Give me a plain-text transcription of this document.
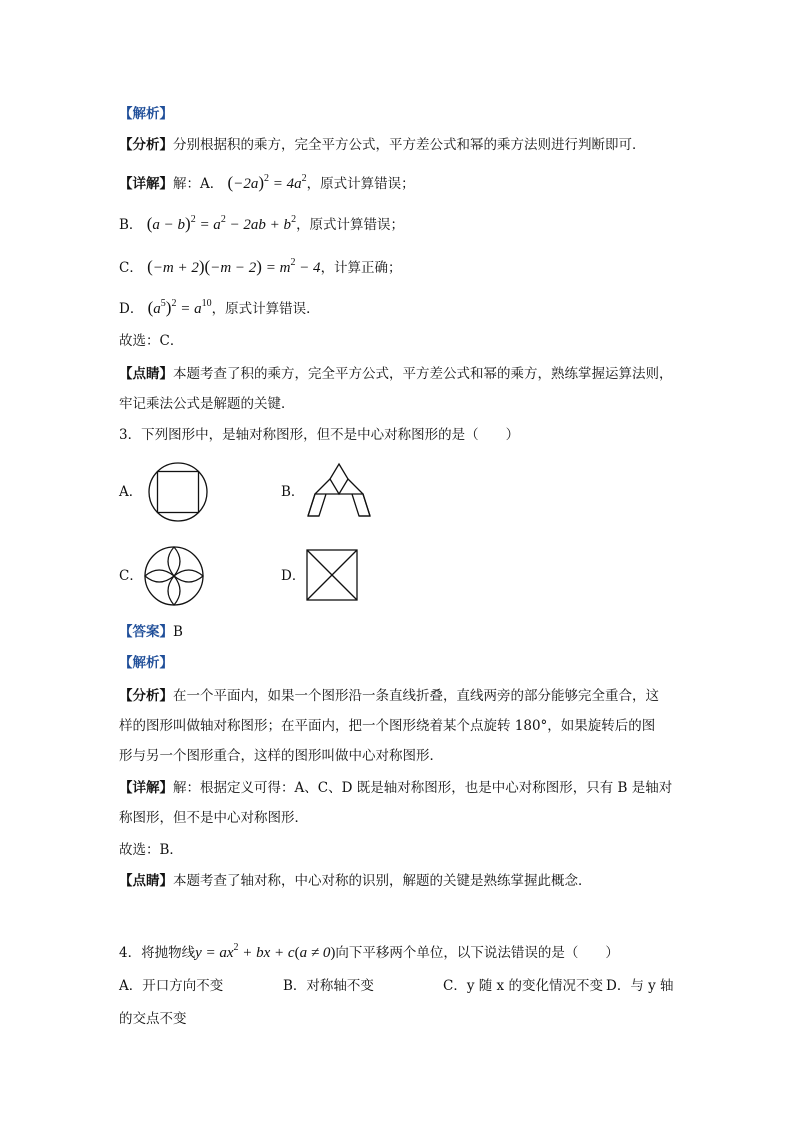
【解析】
【分析】分别根据积的乘方，完全平方公式，平方差公式和幂的乘方法则进行判断即可．
【详解】解：A． $(-2a)^2 = 4a^2$，原式计算错误；
B． $(a - b)^2 = a^2 - 2ab + b^2$，原式计算错误；
C． $(-m + 2)(-m - 2) = m^2 - 4$，计算正确；
D． $(a^5)^2 = a^{10}$，原式计算错误．
故选：C．
【点睛】本题考查了积的乘方，完全平方公式，平方差公式和幂的乘方，熟练掌握运算法则，
牢记乘法公式是解题的关键．
3．下列图形中，是轴对称图形，但不是中心对称图形的是（　　）
A．	B．
C．	D．
【答案】B
【解析】
【分析】在一个平面内，如果一个图形沿一条直线折叠，直线两旁的部分能够完全重合，这
样的图形叫做轴对称图形；在平面内，把一个图形绕着某个点旋转 180°，如果旋转后的图
形与另一个图形重合，这样的图形叫做中心对称图形．
【详解】解：根据定义可得：A、C、D 既是轴对称图形，也是中心对称图形，只有 B 是轴对
称图形，但不是中心对称图形．
故选：B．
【点睛】本题考查了轴对称，中心对称的识别，解题的关键是熟练掌握此概念．
4．将抛物线$y = ax^2$ + bx + c(a ≠ 0)向下平移两个单位，以下说法错误的是（　　）
A．开口方向不变	B．对称轴不变	C．y 随 x 的变化情况不变 D．与 y 轴
的交点不变
